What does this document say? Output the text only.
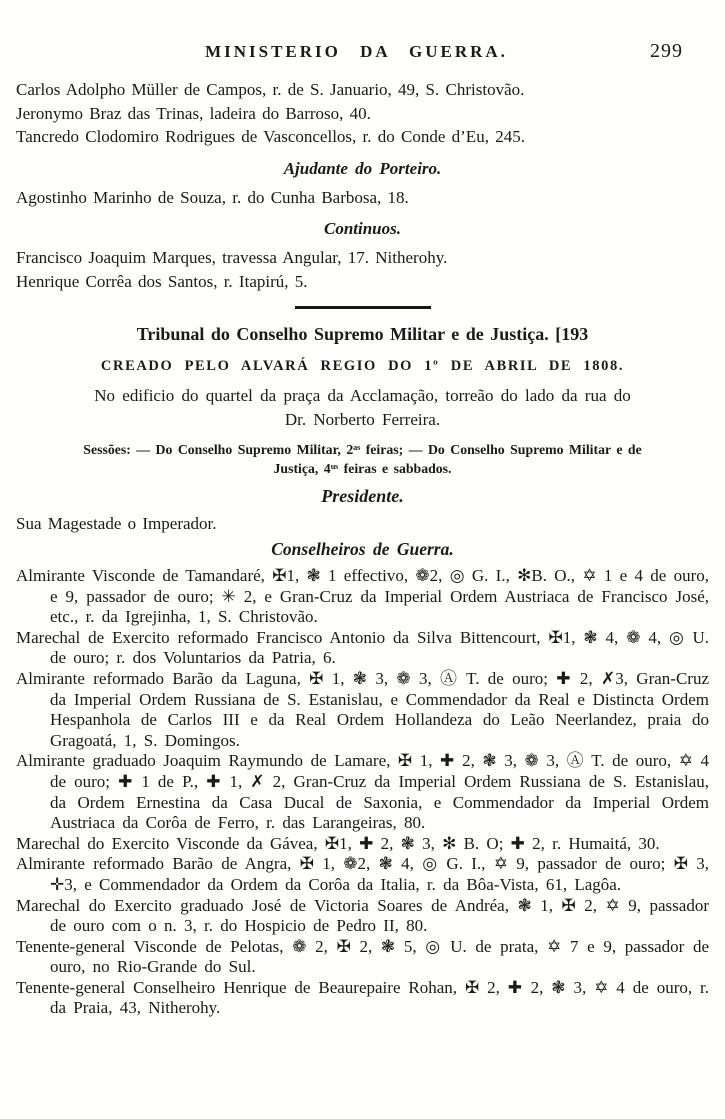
MINISTERIO DA GUERRA.	299

Carlos Adolpho Müller de Campos, r. de S. Januario, 49, S. Christovão.

Jeronymo Braz das Trinas, ladeira do Barroso, 40.

Tancredo Clodomiro Rodrigues de Vasconcellos, r. do Conde d’Eu, 245.

Ajudante do Porteiro.

Agostinho Marinho de Souza, r. do Cunha Barbosa, 18.

Continuos.

Francisco Joaquim Marques, travessa Angular, 17. Nitherohy.

Henrique Corrêa dos Santos, r. Itapirú, 5.

Tribunal do Conselho Supremo Militar e de Justiça. [193
CREADO PELO ALVARÁ REGIO DO 1º DE ABRIL DE 1808.
No edificio do quartel da praça da Acclamação, torreão do lado da rua do
Dr. Norberto Ferreira.
Sessões: — Do Conselho Supremo Militar, 2ᵃˢ feiras; — Do Conselho Supremo Militar e de
Justiça, 4ᵘˢ feiras e sabbados.
Presidente.

Sua Magestade o Imperador.

Conselheiros de Guerra.

Almirante Visconde de Tamandaré, ✠1, ❃ 1 effectivo, ❁2, ◎ G. I., ✻B. O., ✡ 1 e 4 de ouro, e 9, passador de ouro; ✳ 2, e Gran-Cruz da Imperial Ordem Austriaca de Francisco José, etc., r. da Igrejinha, 1, S. Christovão.

Marechal de Exercito reformado Francisco Antonio da Silva Bittencourt, ✠1, ❃ 4, ❁ 4, ◎ U. de ouro; r. dos Voluntarios da Patria, 6.

Almirante reformado Barão da Laguna, ✠ 1, ❃ 3, ❁ 3, Ⓐ T. de ouro; ✚ 2, ✗3, Gran-Cruz da Imperial Ordem Russiana de S. Estanislau, e Commendador da Real e Distincta Ordem Hespanhola de Carlos III e da Real Ordem Hollandeza do Leão Neerlandez, praia do Gragoatá, 1, S. Domingos.

Almirante graduado Joaquim Raymundo de Lamare, ✠ 1, ✚ 2, ❃ 3, ❁ 3, Ⓐ T. de ouro, ✡ 4 de ouro; ✚ 1 de P., ✚ 1, ✗ 2, Gran-Cruz da Imperial Ordem Russiana de S. Estanislau, da Ordem Ernestina da Casa Ducal de Saxonia, e Commendador da Imperial Ordem Austriaca da Corôa de Ferro, r. das Larangeiras, 80.

Marechal do Exercito Visconde da Gávea, ✠1, ✚ 2, ❃ 3, ✻ B. O; ✚ 2, r. Humaitá, 30.

Almirante reformado Barão de Angra, ✠ 1, ❁2, ❃ 4, ◎ G. I., ✡ 9, passador de ouro; ✠ 3, ✛3, e Commendador da Ordem da Corôa da Italia, r. da Bôa-Vista, 61, Lagôa.

Marechal do Exercito graduado José de Victoria Soares de Andréa, ❃ 1, ✠ 2, ✡ 9, passador de ouro com o n. 3, r. do Hospicio de Pedro II, 80.

Tenente-general Visconde de Pelotas, ❁ 2, ✠ 2, ❃ 5, ◎ U. de prata, ✡ 7 e 9, passador de ouro, no Rio-Grande do Sul.

Tenente-general Conselheiro Henrique de Beaurepaire Rohan, ✠ 2, ✚ 2, ❃ 3, ✡ 4 de ouro, r. da Praia, 43, Nitherohy.
